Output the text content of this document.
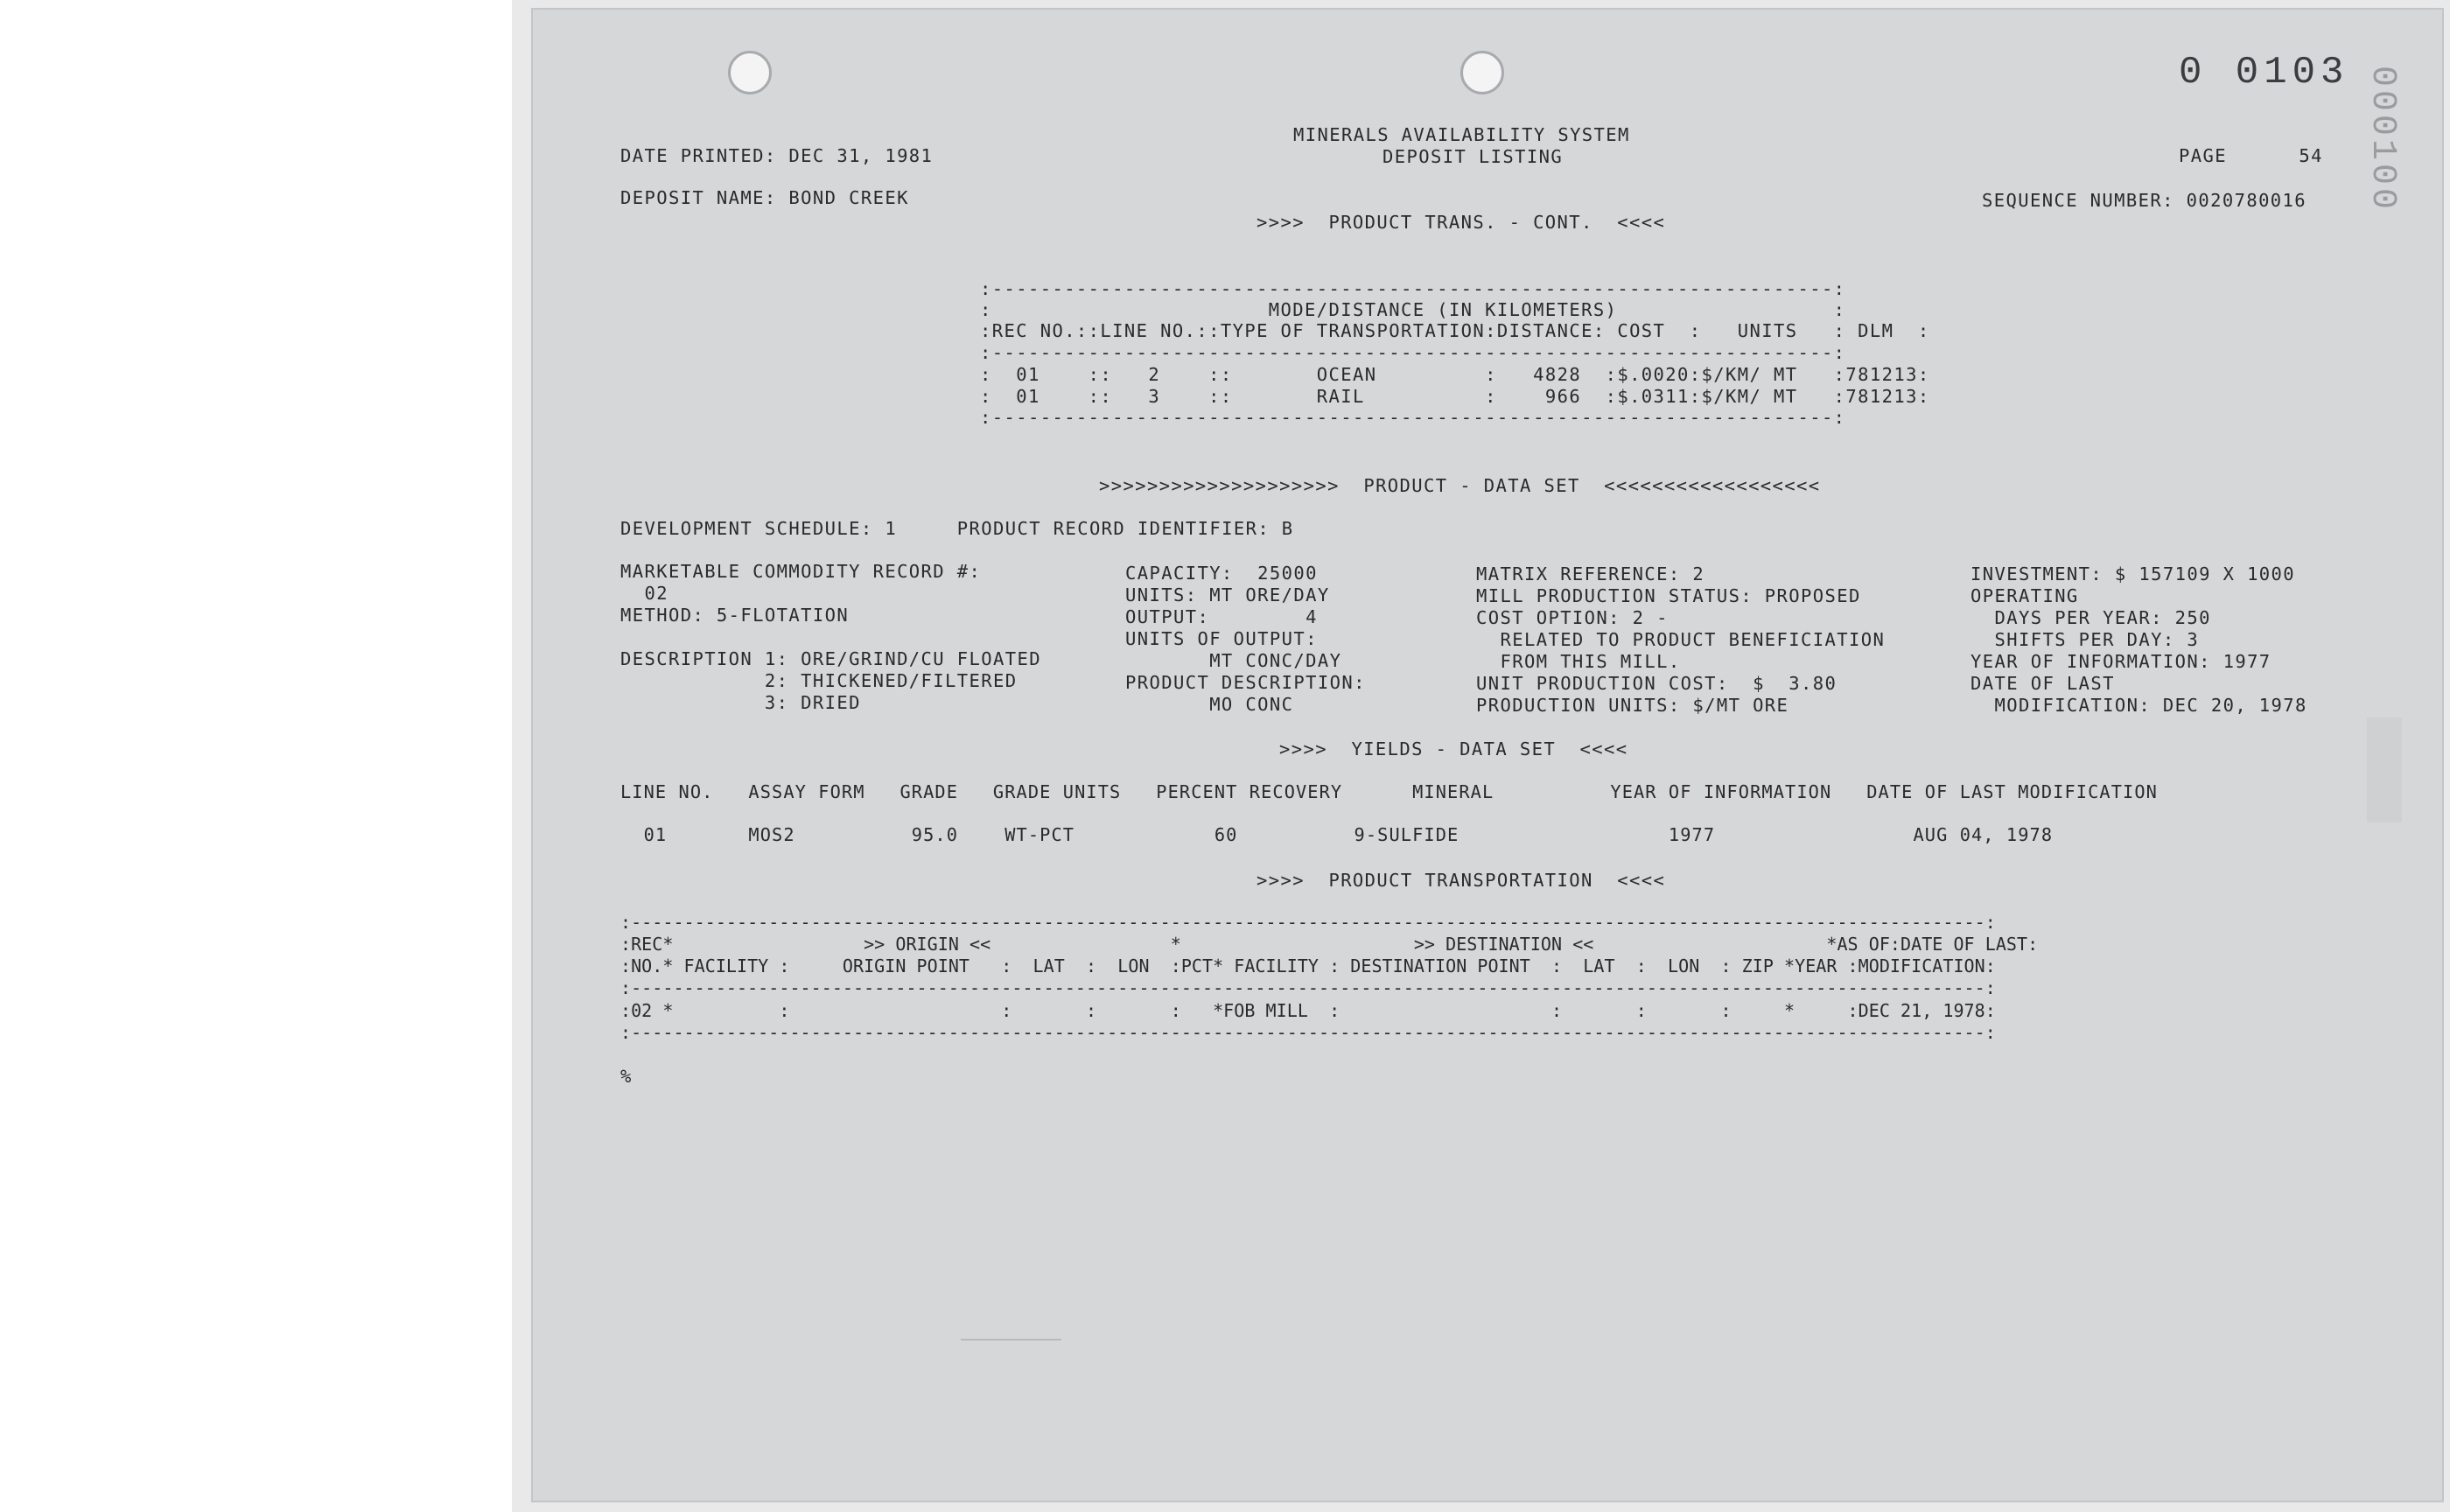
0 0103 000100
MINERALS AVAILABILITY SYSTEM
DEPOSIT LISTING
DATE PRINTED: DEC 31, 1981	PAGE      54
DEPOSIT NAME: BOND CREEK	SEQUENCE NUMBER: 0020780016
>>>>  PRODUCT TRANS. - CONT.  <<<<
:----------------------------------------------------------------------:
:                       MODE/DISTANCE (IN KILOMETERS)                  :
:REC NO.::LINE NO.::TYPE OF TRANSPORTATION:DISTANCE: COST  :   UNITS   : DLM  :
:----------------------------------------------------------------------:
:  01    ::   2    ::       OCEAN         :   4828  :$.0020:$/KM/ MT   :781213:
:  01    ::   3    ::       RAIL          :    966  :$.0311:$/KM/ MT   :781213:
:----------------------------------------------------------------------:
>>>>>>>>>>>>>>>>>>>>  PRODUCT - DATA SET  <<<<<<<<<<<<<<<<<<
DEVELOPMENT SCHEDULE: 1     PRODUCT RECORD IDENTIFIER: B
MARKETABLE COMMODITY RECORD #:
02
METHOD: 5-FLOTATION
DESCRIPTION 1: ORE/GRIND/CU FLOATED
2: THICKENED/FILTERED
3: DRIED
CAPACITY:  25000
UNITS: MT ORE/DAY
OUTPUT:        4
UNITS OF OUTPUT:
MT CONC/DAY
PRODUCT DESCRIPTION:
MO CONC
MATRIX REFERENCE: 2
MILL PRODUCTION STATUS: PROPOSED
COST OPTION: 2 -
RELATED TO PRODUCT BENEFICIATION
FROM THIS MILL.
UNIT PRODUCTION COST:  $  3.80
PRODUCTION UNITS: $/MT ORE
INVESTMENT: $ 157109 X 1000
OPERATING
DAYS PER YEAR: 250
SHIFTS PER DAY: 3
YEAR OF INFORMATION: 1977
DATE OF LAST
MODIFICATION: DEC 20, 1978
>>>>  YIELDS - DATA SET  <<<<
LINE NO.   ASSAY FORM   GRADE   GRADE UNITS   PERCENT RECOVERY      MINERAL          YEAR OF INFORMATION   DATE OF LAST MODIFICATION
01       MOS2          95.0    WT-PCT            60          9-SULFIDE                  1977                 AUG 04, 1978
>>>>  PRODUCT TRANSPORTATION  <<<<
:--------------------------------------------------------------------------------------------------------------------------------:
:REC*                  >> ORIGIN <<                 *                      >> DESTINATION <<                      *AS OF:DATE OF LAST:
:NO.* FACILITY :     ORIGIN POINT   :  LAT  :  LON  :PCT* FACILITY : DESTINATION POINT  :  LAT  :  LON  : ZIP *YEAR :MODIFICATION:
:--------------------------------------------------------------------------------------------------------------------------------:
:02 *          :                    :       :       :   *FOB MILL  :                    :       :       :     *     :DEC 21, 1978:
:--------------------------------------------------------------------------------------------------------------------------------:
%
